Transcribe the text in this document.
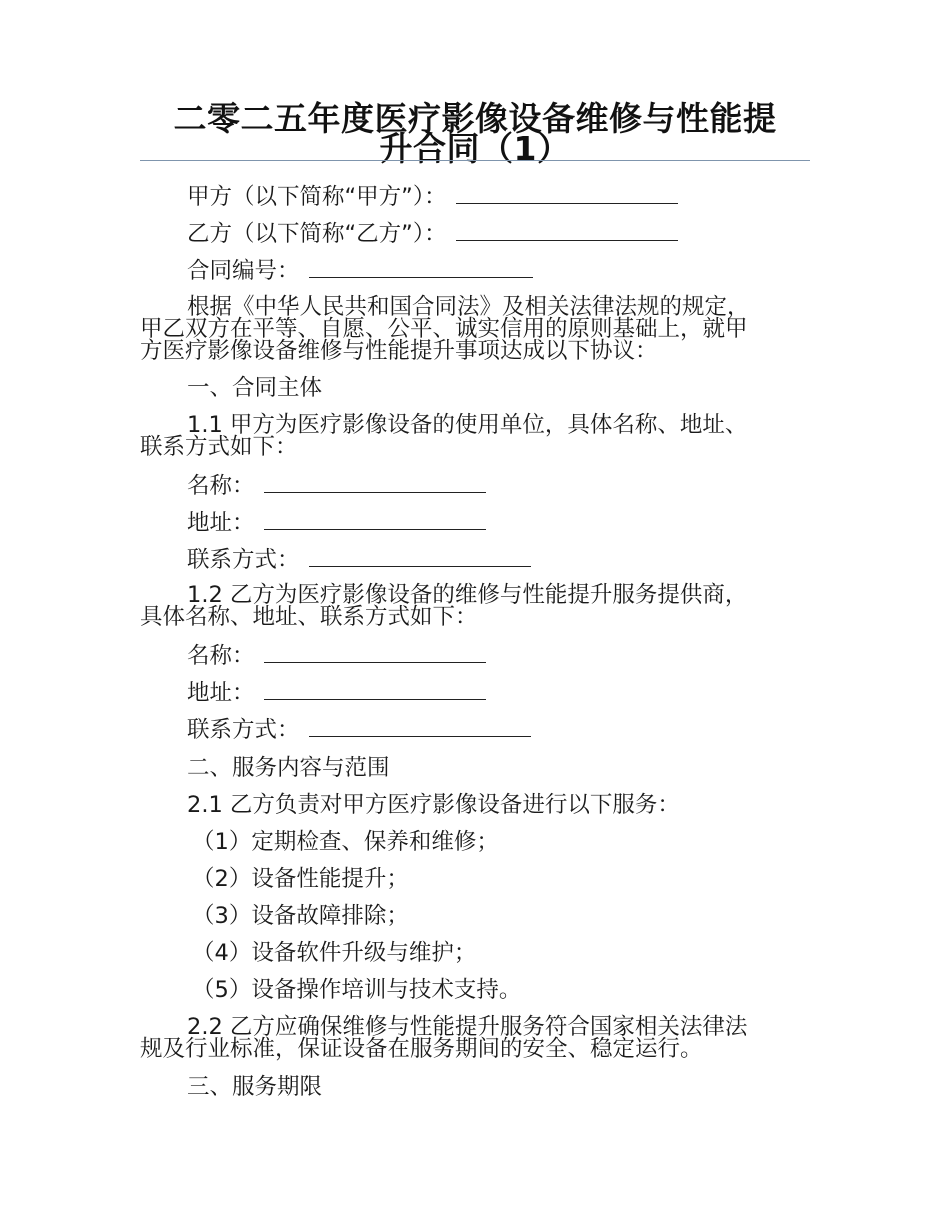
二零二五年度医疗影像设备维修与性能提
升合同（1）
甲方（以下简称“甲方”）：
乙方（以下简称“乙方”）：
合同编号：
根据《中华人民共和国合同法》及相关法律法规的规定，
甲乙双方在平等、自愿、公平、诚实信用的原则基础上，就甲
方医疗影像设备维修与性能提升事项达成以下协议：
一、合同主体
1.1 甲方为医疗影像设备的使用单位，具体名称、地址、
联系方式如下：
名称：
地址：
联系方式：
1.2 乙方为医疗影像设备的维修与性能提升服务提供商，
具体名称、地址、联系方式如下：
名称：
地址：
联系方式：
二、服务内容与范围
2.1 乙方负责对甲方医疗影像设备进行以下服务：
（1）定期检查、保养和维修；
（2）设备性能提升；
（3）设备故障排除；
（4）设备软件升级与维护；
（5）设备操作培训与技术支持。
2.2 乙方应确保维修与性能提升服务符合国家相关法律法
规及行业标准，保证设备在服务期间的安全、稳定运行。
三、服务期限
